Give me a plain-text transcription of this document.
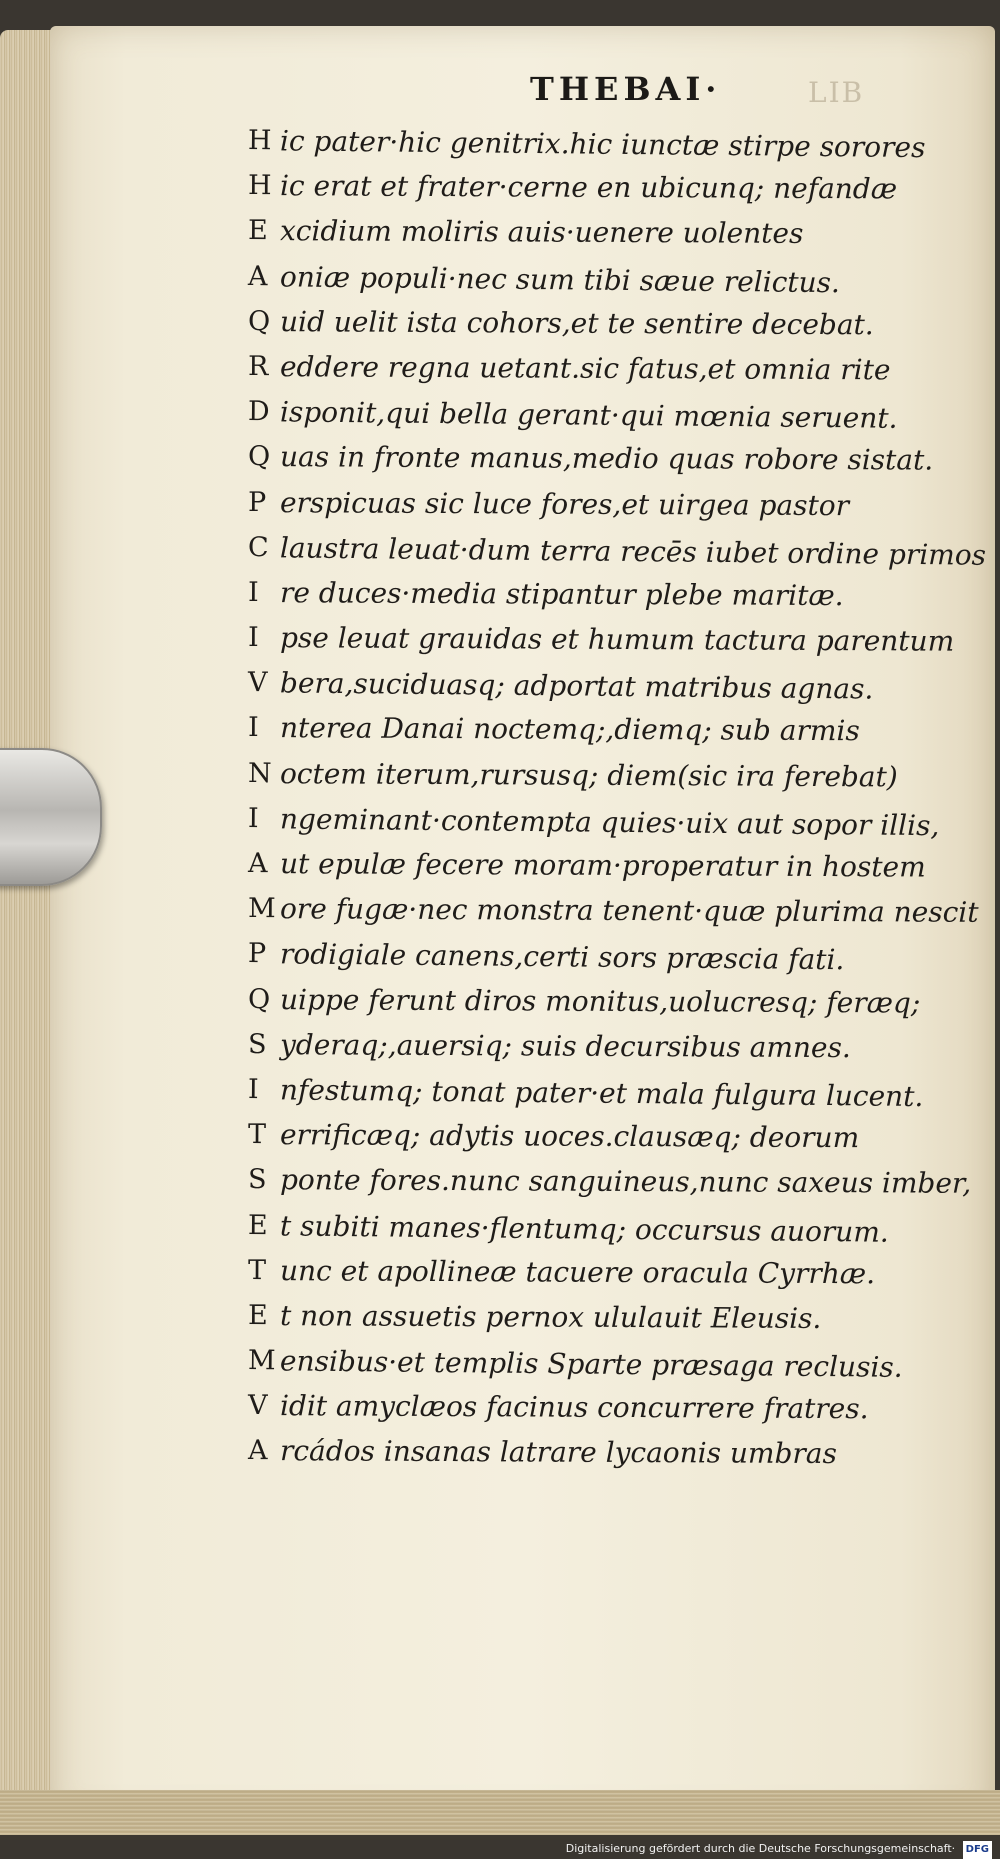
THEBAI·	LIB
H ic pater·hic genitrix.hic iunctæ stirpe sorores
H ic erat et frater·cerne en ubicunq; nefandæ
E xcidium moliris auis·uenere uolentes
A oniæ populi·nec sum tibi sæue relictus.
Q uid uelit ista cohors,et te sentire decebat.
R eddere regna uetant.sic fatus,et omnia rite
D isponit,qui bella gerant·qui mœnia seruent.
Q uas in fronte manus,medio quas robore sistat.
P erspicuas sic luce fores,et uirgea pastor
C laustra leuat·dum terra recēs iubet ordine primos
I re duces·media stipantur plebe maritæ.
I pse leuat grauidas et humum tactura parentum
V bera,suciduasq; adportat matribus agnas.
I nterea Danai noctemq;,diemq; sub armis
N octem iterum,rursusq; diem(sic ira ferebat)
I ngeminant·contempta quies·uix aut sopor illis,
A ut epulæ fecere moram·properatur in hostem
M ore fugæ·nec monstra tenent·quæ plurima nescit
P rodigiale canens,certi sors præscia fati.
Q uippe ferunt diros monitus,uolucresq; feræq;
S yderaq;,auersiq; suis decursibus amnes.
I nfestumq; tonat pater·et mala fulgura lucent.
T errificæq; adytis uoces.clausæq; deorum
S ponte fores.nunc sanguineus,nunc saxeus imber,
E t subiti manes·flentumq; occursus auorum.
T unc et apollineæ tacuere oracula Cyrrhæ.
E t non assuetis pernox ululauit Eleusis.
M ensibus·et templis Sparte præsaga reclusis.
V idit amyclæos facinus concurrere fratres.
A rcádos insanas latrare lycaonis umbras
Digitalisierung gefördert durch die Deutsche Forschungsgemeinschaft· DFG
